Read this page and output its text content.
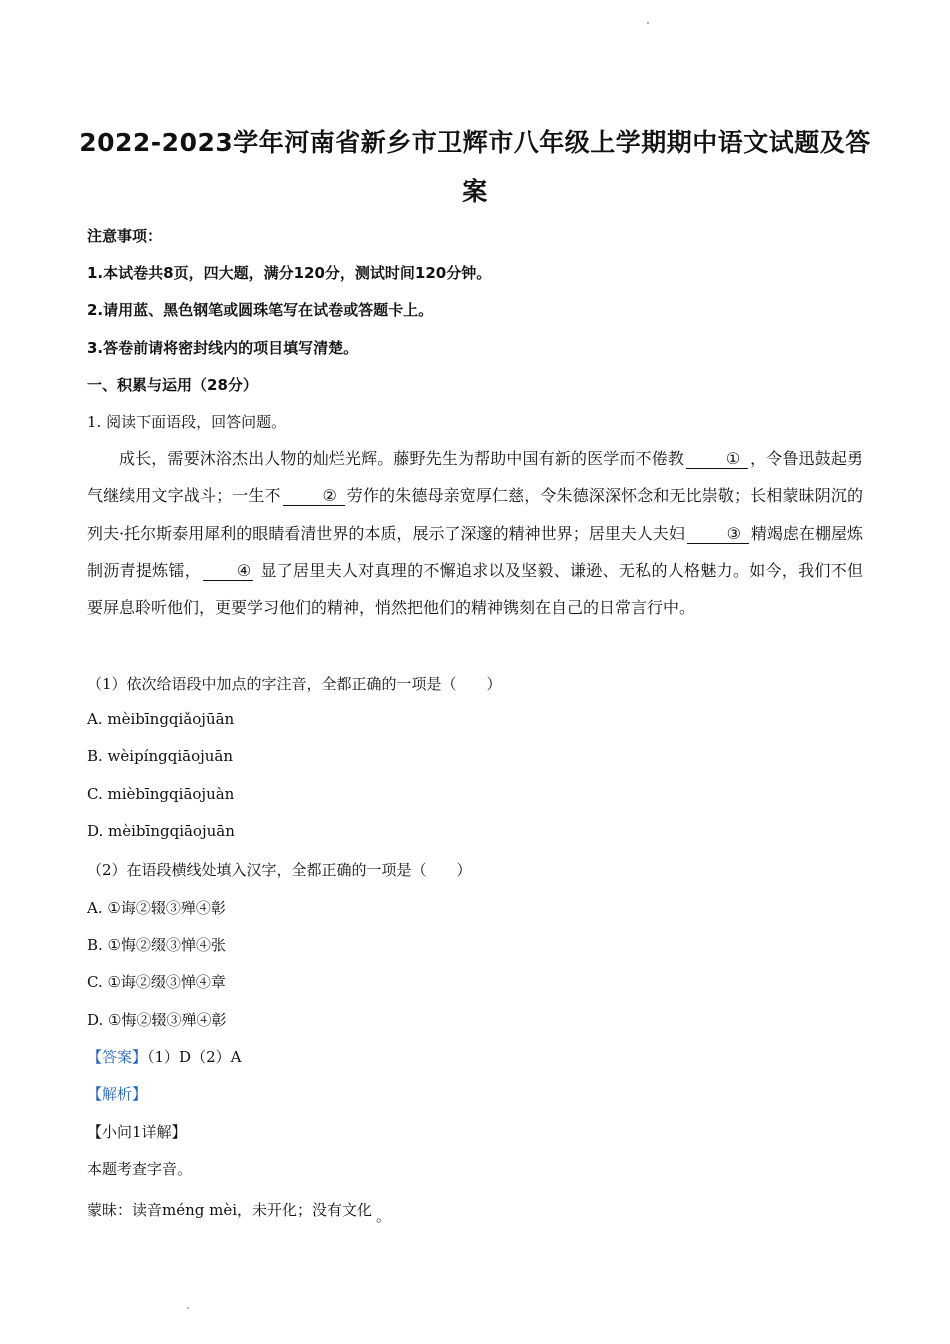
2022-2023学年河南省新乡市卫辉市八年级上学期期中语文试题及答
案
注意事项：
1.本试卷共8页，四大题，满分120分，测试时间120分钟。
2.请用蓝、黑色钢笔或圆珠笔写在试卷或答题卡上。
3.答卷前请将密封线内的项目填写清楚。
一、积累与运用（28分）
1. 阅读下面语段，回答问题。
成长，需要沐浴杰出人物的灿烂光辉。藤野先生为帮助中国有新的医学而不倦教	① ，令鲁迅鼓起勇气继续用文字战斗；一生不	② 劳作的朱德母亲宽厚仁慈，令朱德深深怀念和无比崇敬；长相蒙昧阴沉的列夫·托尔斯泰用犀利的眼睛看清世界的本质，展示了深邃的精神世界；居里夫人夫妇	③ 精竭虑在棚屋炼制沥青提炼镭， ④ 显了居里夫人对真理的不懈追求以及坚毅、谦逊、无私的人格魅力。如今，我们不但要屏息聆听他们，更要学习他们的精神，悄然把他们的精神镌刻在自己的日常言行中。
（1）依次给语段中加点的字注音，全都正确的一项是（　　）
A. mèibīngqiǎojūān
B. wèipíngqiāojuān
C. mièbīngqiāojuàn
D. mèibīngqiāojuān
（2）在语段横线处填入汉字，全都正确的一项是（　　）
A. ①诲②辍③殚④彰
B. ①悔②缀③惮④张
C. ①诲②缀③惮④章
D. ①悔②辍③殚④彰
【答案】（1）D（2）A
【解析】
【小问1详解】
本题考查字音。
蒙昧：读音méng mèi，未开化；没有文化 。
